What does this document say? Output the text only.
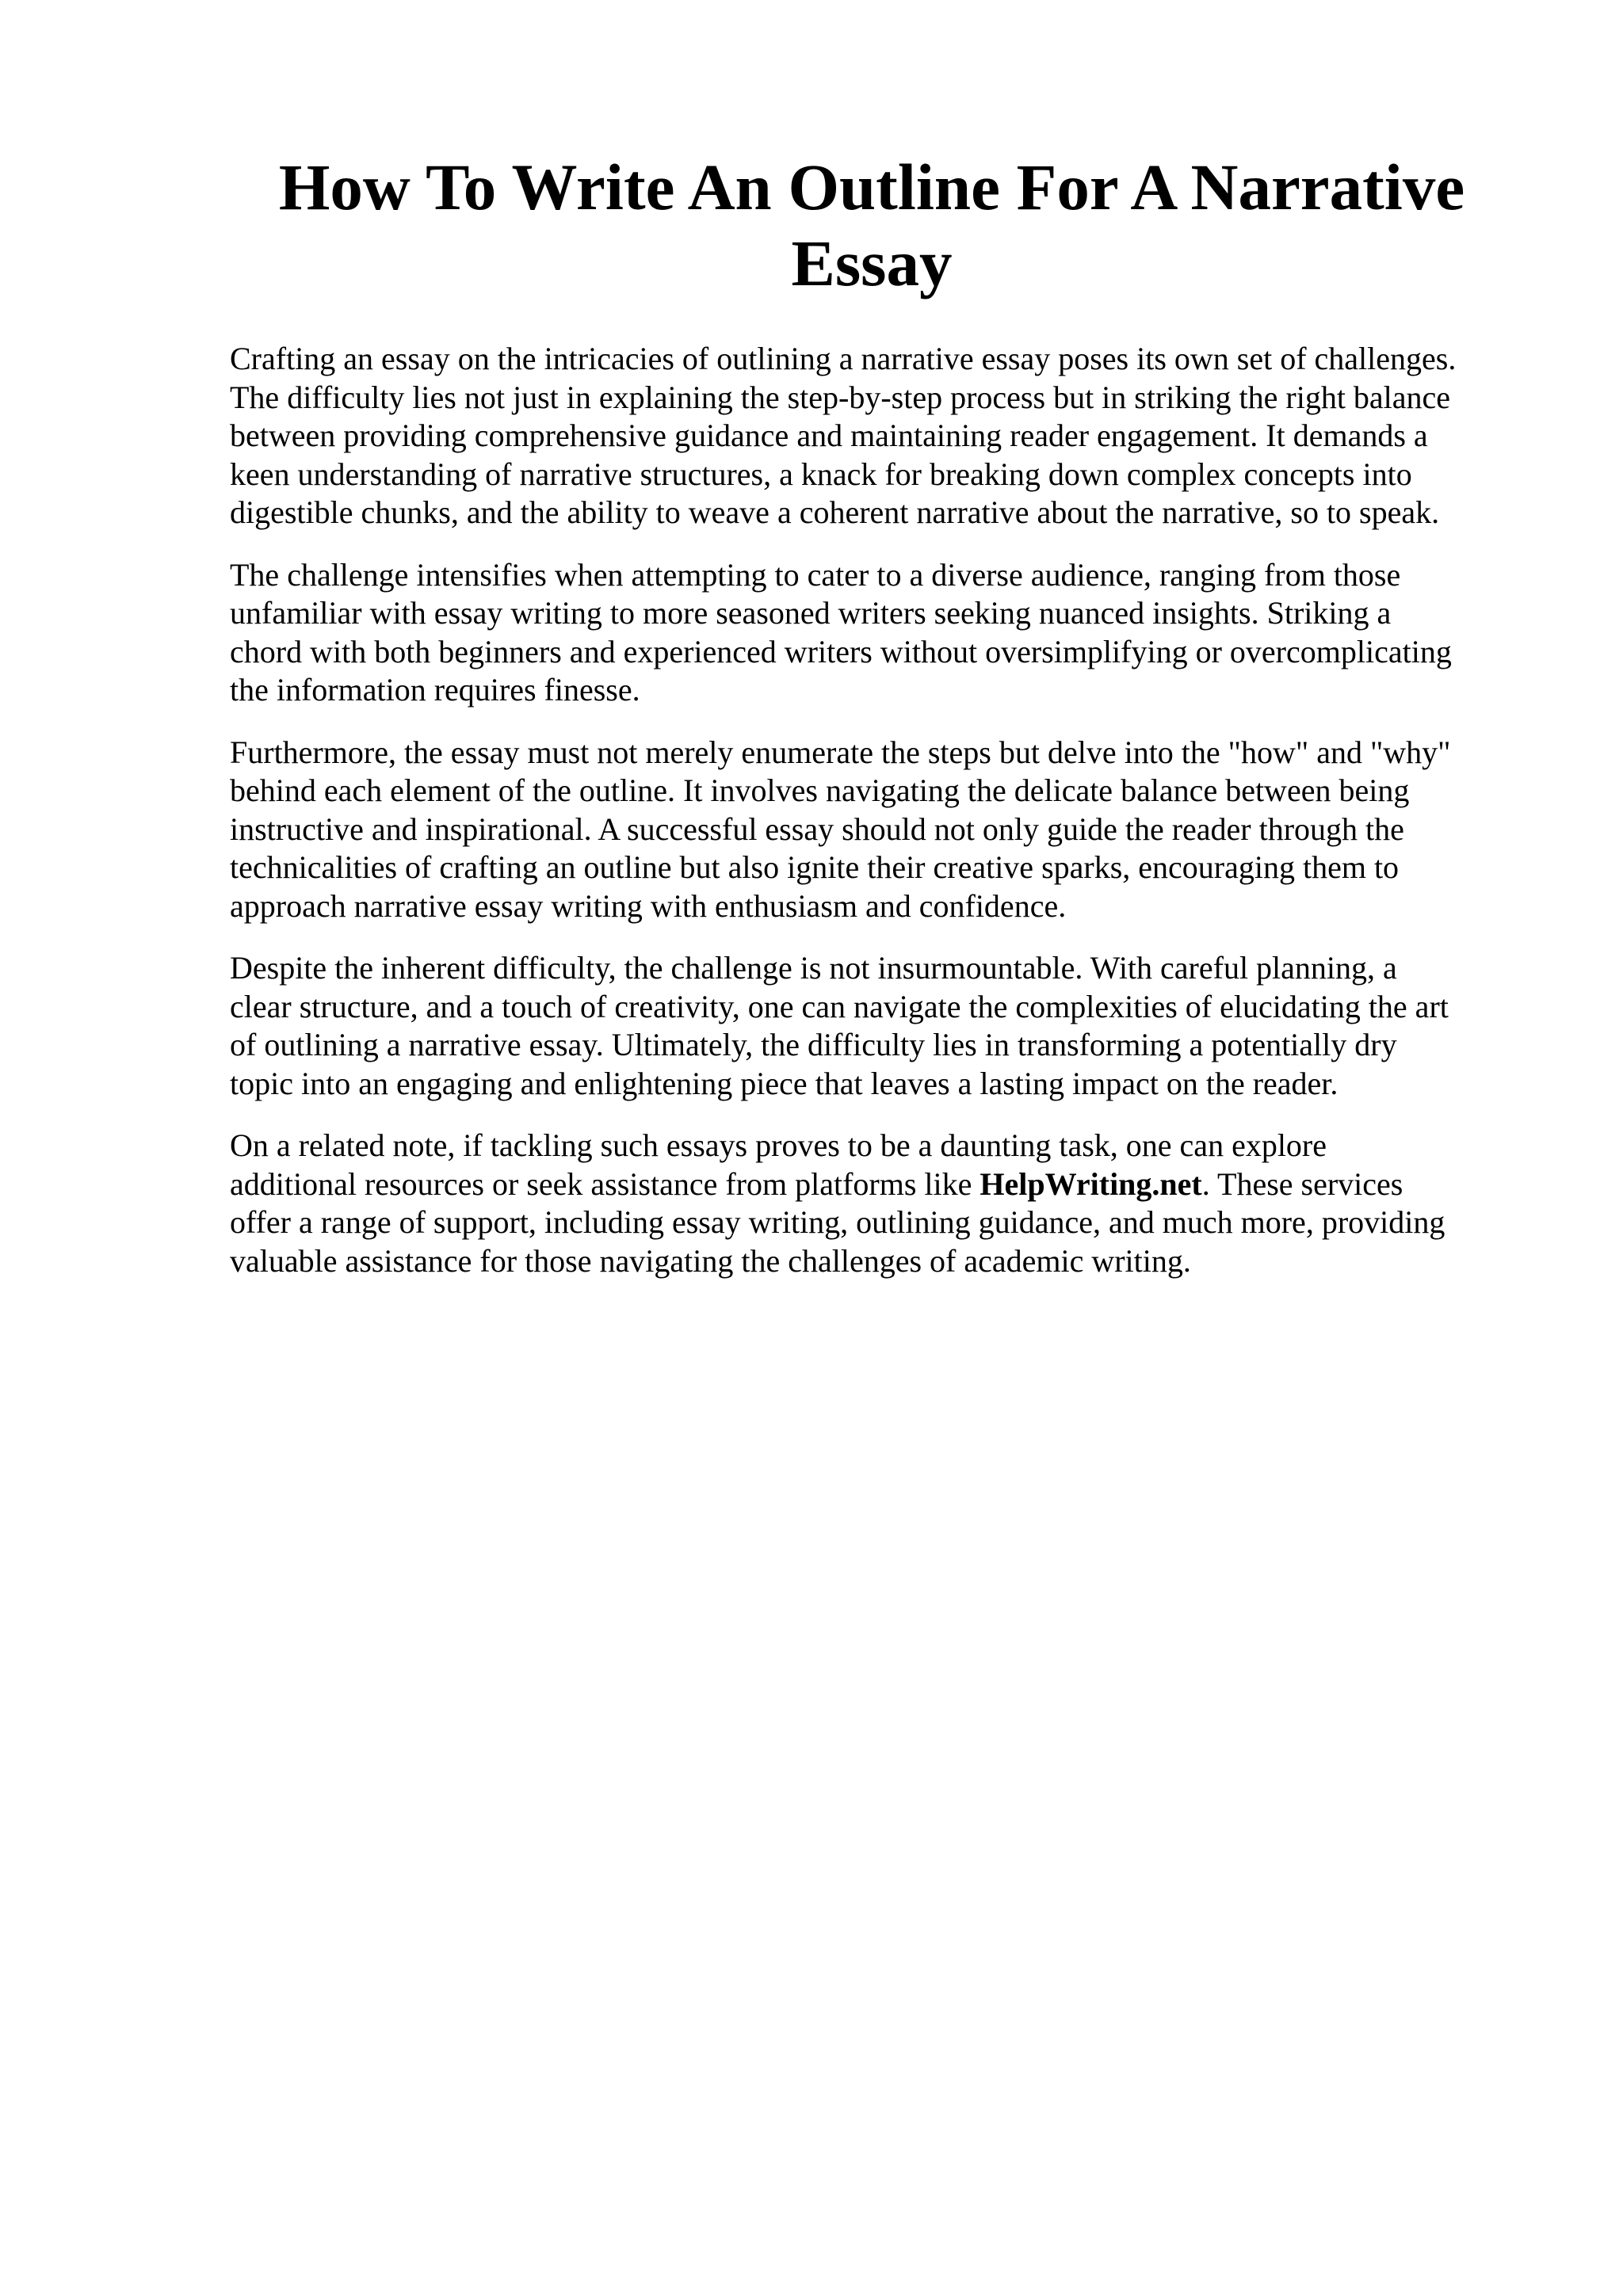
How To Write An Outline For A Narrative Essay

Crafting an essay on the intricacies of outlining a narrative essay poses its own set of challenges.
The difficulty lies not just in explaining the step-by-step process but in striking the right balance
between providing comprehensive guidance and maintaining reader engagement. It demands a
keen understanding of narrative structures, a knack for breaking down complex concepts into
digestible chunks, and the ability to weave a coherent narrative about the narrative, so to speak.

The challenge intensifies when attempting to cater to a diverse audience, ranging from those
unfamiliar with essay writing to more seasoned writers seeking nuanced insights. Striking a
chord with both beginners and experienced writers without oversimplifying or overcomplicating
the information requires finesse.

Furthermore, the essay must not merely enumerate the steps but delve into the "how" and "why"
behind each element of the outline. It involves navigating the delicate balance between being
instructive and inspirational. A successful essay should not only guide the reader through the
technicalities of crafting an outline but also ignite their creative sparks, encouraging them to
approach narrative essay writing with enthusiasm and confidence.

Despite the inherent difficulty, the challenge is not insurmountable. With careful planning, a
clear structure, and a touch of creativity, one can navigate the complexities of elucidating the art
of outlining a narrative essay. Ultimately, the difficulty lies in transforming a potentially dry
topic into an engaging and enlightening piece that leaves a lasting impact on the reader.

On a related note, if tackling such essays proves to be a daunting task, one can explore
additional resources or seek assistance from platforms like HelpWriting.net. These services
offer a range of support, including essay writing, outlining guidance, and much more, providing
valuable assistance for those navigating the challenges of academic writing.
